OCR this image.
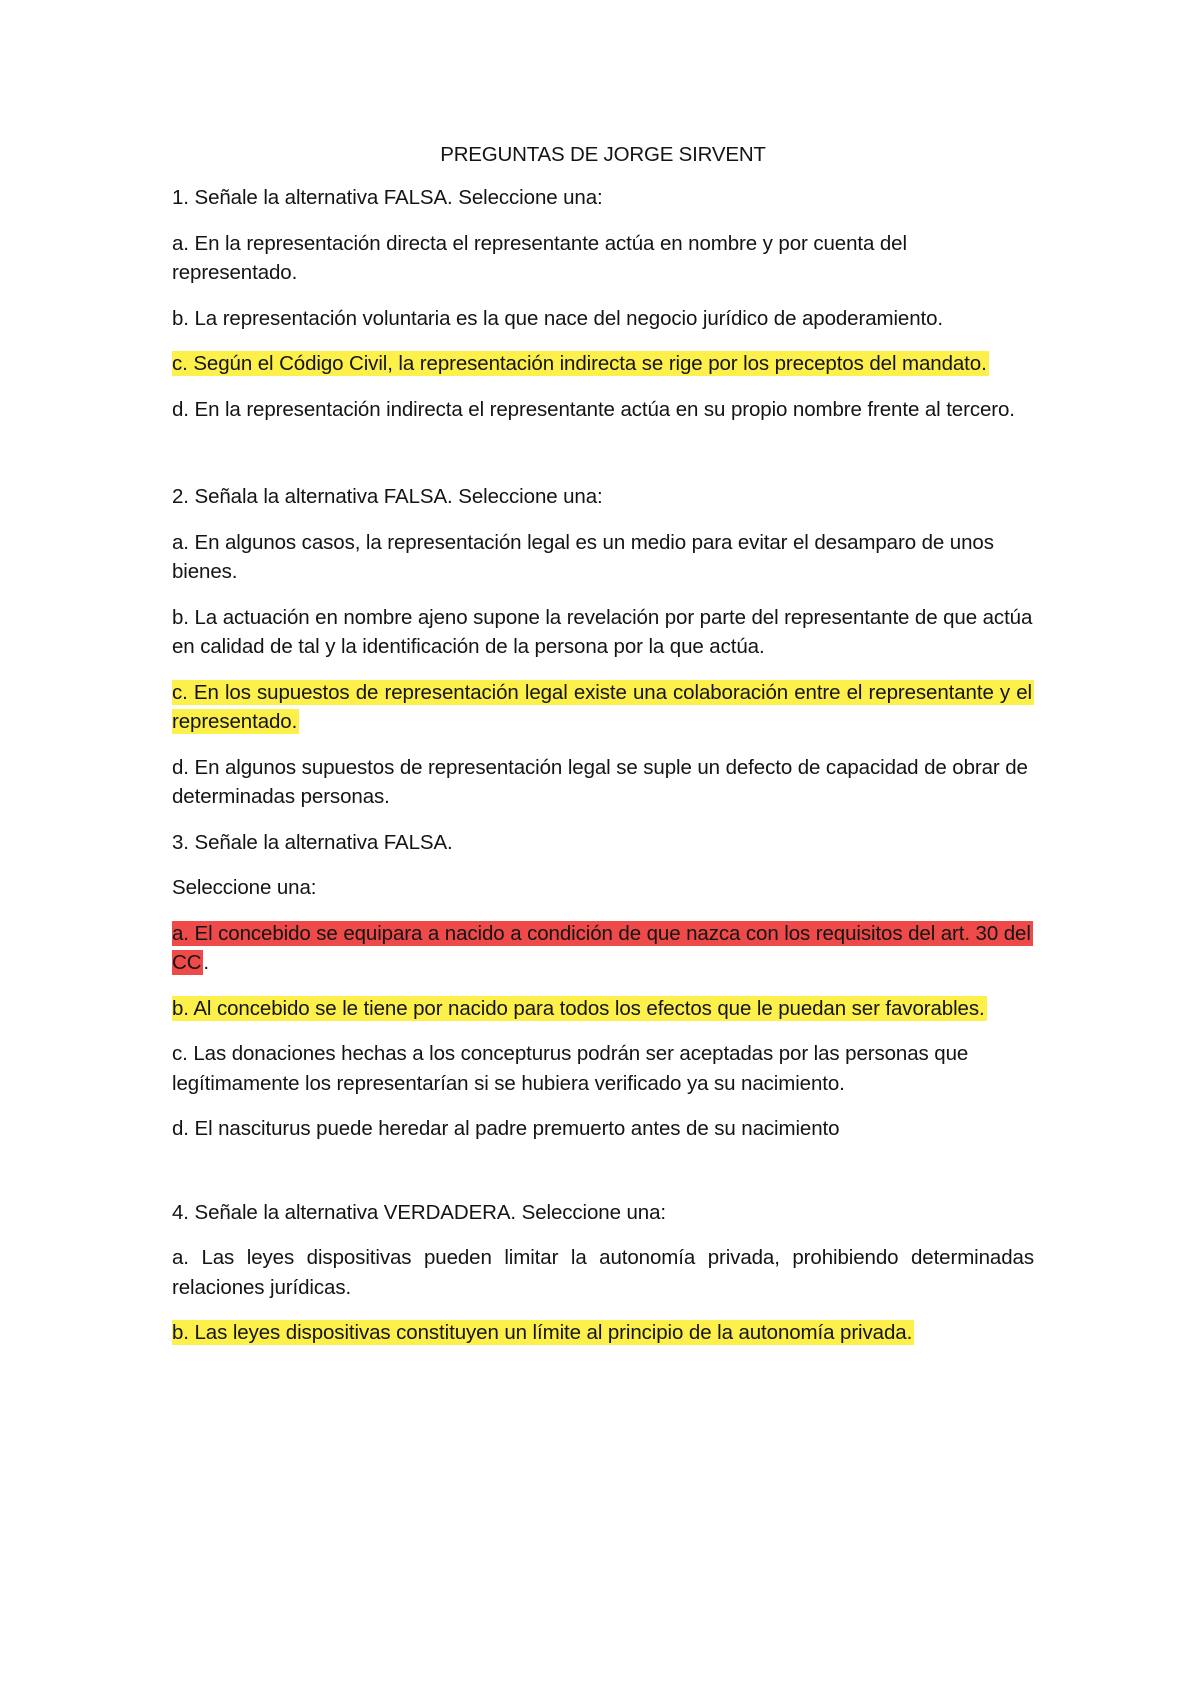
PREGUNTAS DE JORGE SIRVENT

1. Señale la alternativa FALSA. Seleccione una:

a. En la representación directa el representante actúa en nombre y por cuenta del representado.

b. La representación voluntaria es la que nace del negocio jurídico de apoderamiento.

c. Según el Código Civil, la representación indirecta se rige por los preceptos del mandato.

d. En la representación indirecta el representante actúa en su propio nombre frente al tercero.

2. Señala la alternativa FALSA. Seleccione una:

a. En algunos casos, la representación legal es un medio para evitar el desamparo de unos bienes.

b. La actuación en nombre ajeno supone la revelación por parte del representante de que actúa en calidad de tal y la identificación de la persona por la que actúa.

c. En los supuestos de representación legal existe una colaboración entre el representante y el representado.

d. En algunos supuestos de representación legal se suple un defecto de capacidad de obrar de determinadas personas.

3. Señale la alternativa FALSA.

Seleccione una:

a. El concebido se equipara a nacido a condición de que nazca con los requisitos del art. 30 del CC.

b. Al concebido se le tiene por nacido para todos los efectos que le puedan ser favorables.

c. Las donaciones hechas a los concepturus podrán ser aceptadas por las personas que legítimamente los representarían si se hubiera verificado ya su nacimiento.

d. El nasciturus puede heredar al padre premuerto antes de su nacimiento

4. Señale la alternativa VERDADERA. Seleccione una:

a. Las leyes dispositivas pueden limitar la autonomía privada, prohibiendo determinadas relaciones jurídicas.

b. Las leyes dispositivas constituyen un límite al principio de la autonomía privada.
